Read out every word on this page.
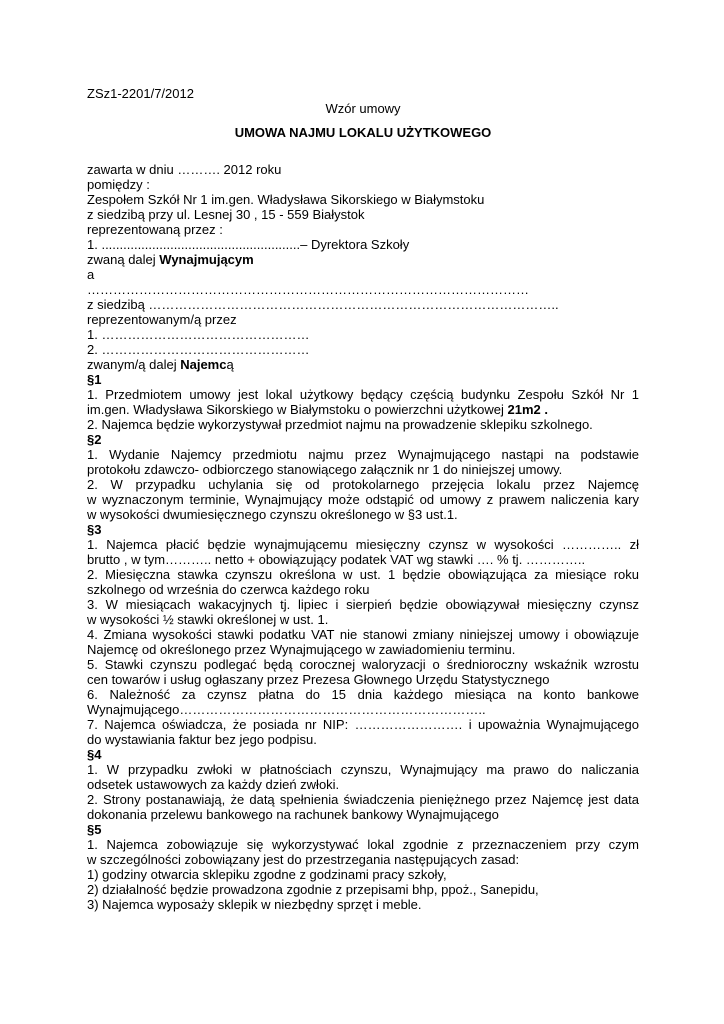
ZSz1-2201/7/2012
Wzór umowy
UMOWA NAJMU LOKALU UŻYTKOWEGO
zawarta w dniu ………. 2012 roku
pomiędzy :
Zespołem Szkół Nr 1 im.gen. Władysława Sikorskiego w Białymstoku
z siedzibą przy ul. Lesnej 30 , 15 - 559 Białystok
reprezentowaną przez :
1. .......................................................– Dyrektora Szkoły
zwaną dalej Wynajmującym
a
…………………………………………………………………………………………
z siedzibą …………………………………………………………………………………..
reprezentowanym/ą przez
1. …………………………………………
2. …………………………………………
zwanym/ą dalej Najemcą
§1
1. Przedmiotem umowy jest lokal użytkowy będący częścią budynku Zespołu Szkół Nr 1
im.gen. Władysława Sikorskiego w Białymstoku o powierzchni użytkowej 21m2 .
2. Najemca będzie wykorzystywał przedmiot najmu na prowadzenie sklepiku szkolnego.
§2
1. Wydanie Najemcy przedmiotu najmu przez Wynajmującego nastąpi na podstawie
protokołu zdawczo- odbiorczego stanowiącego załącznik nr 1 do niniejszej umowy.
2. W przypadku uchylania się od protokolarnego przejęcia lokalu przez Najemcę
w wyznaczonym terminie, Wynajmujący może odstąpić od umowy z prawem naliczenia kary
w wysokości dwumiesięcznego czynszu określonego w §3 ust.1.
§3
1. Najemca płacić będzie wynajmującemu miesięczny czynsz w wysokości ………….. zł
brutto , w tym……….. netto + obowiązujący podatek VAT wg stawki …. % tj. …………..
2. Miesięczna stawka czynszu określona w ust. 1 będzie obowiązująca za miesiące roku
szkolnego od września do czerwca każdego roku
3. W miesiącach wakacyjnych tj. lipiec i sierpień będzie obowiązywał miesięczny czynsz
w wysokości ½ stawki określonej w ust. 1.
4. Zmiana wysokości stawki podatku VAT nie stanowi zmiany niniejszej umowy i obowiązuje
Najemcę od określonego przez Wynajmującego w zawiadomieniu terminu.
5. Stawki czynszu podlegać będą corocznej waloryzacji o średnioroczny wskaźnik wzrostu
cen towarów i usług ogłaszany przez Prezesa Głownego Urzędu Statystycznego
6. Należność za czynsz płatna do 15 dnia każdego miesiąca na konto bankowe
Wynajmującego……………………………………………………………..
7. Najemca oświadcza, że posiada nr NIP: ……………………. i upoważnia Wynajmującego
do wystawiania faktur bez jego podpisu.
§4
1. W przypadku zwłoki w płatnościach czynszu, Wynajmujący ma prawo do naliczania
odsetek ustawowych za każdy dzień zwłoki.
2. Strony postanawiają, że datą spełnienia świadczenia pieniężnego przez Najemcę jest data
dokonania przelewu bankowego na rachunek bankowy Wynajmującego
§5
1. Najemca zobowiązuje się wykorzystywać lokal zgodnie z przeznaczeniem przy czym
w szczególności zobowiązany jest do przestrzegania następujących zasad:
1) godziny otwarcia sklepiku zgodne z godzinami pracy szkoły,
2) działalność będzie prowadzona zgodnie z przepisami bhp, ppoż., Sanepidu,
3) Najemca wyposaży sklepik w niezbędny sprzęt i meble.
